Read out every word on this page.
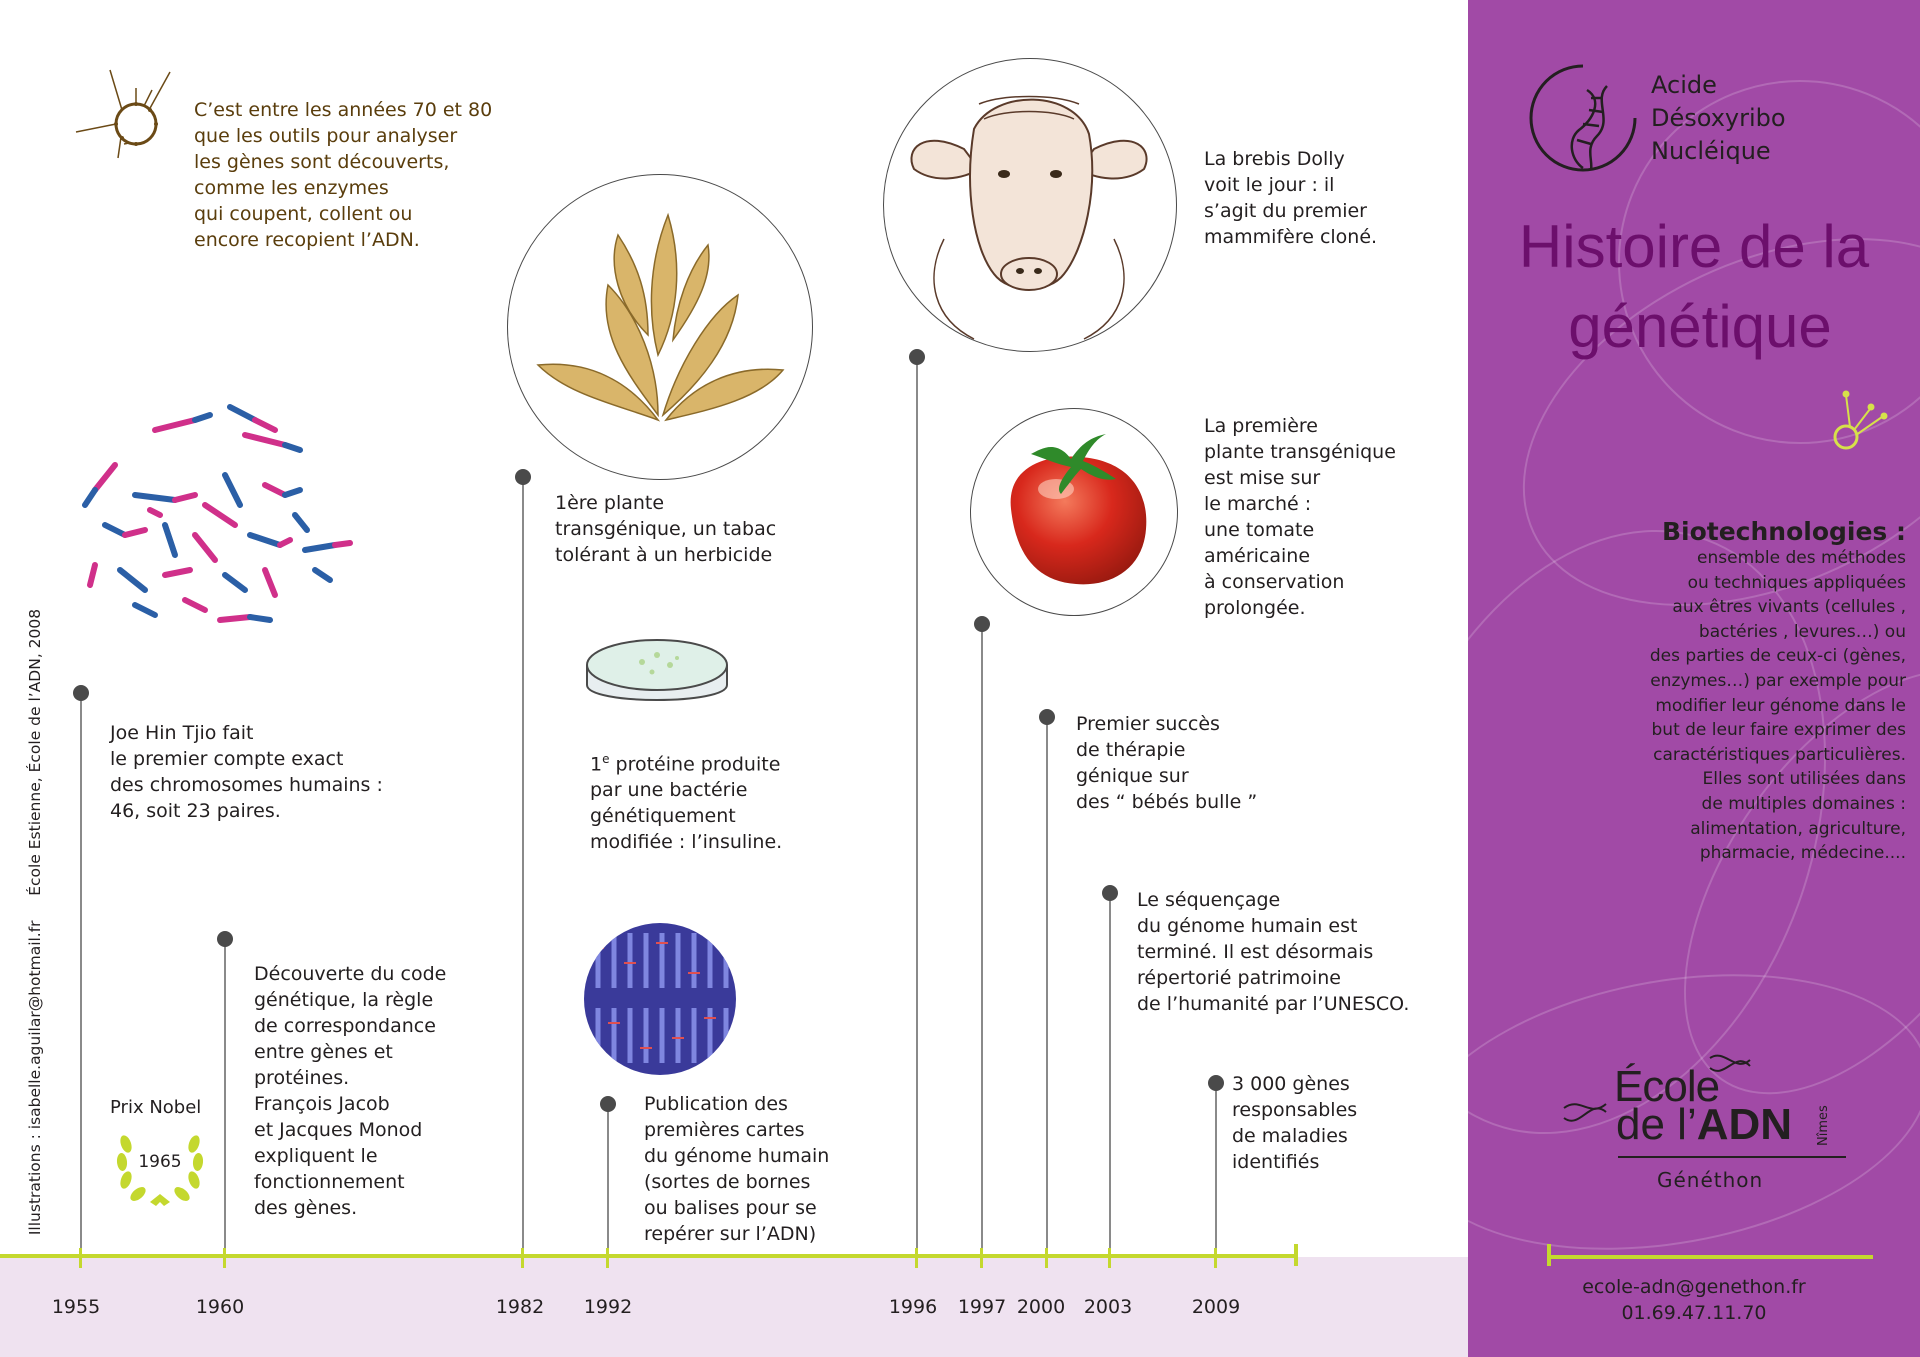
Illustrations : isabelle.aguilar@hotmail.fr     École Estienne, École de l’ADN, 2008

C’est entre les années 70 et 80
que les outils pour analyser
les gènes sont découverts,
comme les enzymes
qui coupent, collent ou
encore recopient l’ADN.
1955	1960	1982	1992	1996	1997 2000 2003	2009
Joe Hin Tjio fait
le premier compte exact
des chromosomes humains :
46, soit 23 paires.
Découverte du code
génétique, la règle
de correspondance
entre gènes et
protéines.
François Jacob
et Jacques Monod
expliquent le
fonctionnement
des gènes.
1ère plante
transgénique, un tabac
tolérant à un herbicide
1e protéine produite
par une bactérie
génétiquement
modifiée : l’insuline.
Publication des
premières cartes
du génome humain
(sortes de bornes
ou balises pour se
repérer sur l’ADN)
La brebis Dolly
voit le jour : il
s’agit du premier
mammifère cloné.
La première
plante transgénique
est mise sur
le marché :
une tomate
américaine
à conservation
prolongée.
Premier succès
de thérapie
génique sur
des “ bébés bulle ”
Le séquençage
du génome humain est
terminé. Il est désormais
répertorié patrimoine
de l’humanité par l’UNESCO.
3 000 gènes
responsables
de maladies
identifiés
Prix Nobel
1965
Acide
Désoxyribo
Nucléique
Histoire de la
génétique
Biotechnologies :
ensemble des méthodes
ou techniques appliquées
aux êtres vivants (cellules ,
bactéries , levures…) ou
des parties de ceux-ci (gènes,
enzymes…) par exemple pour
modifier leur génome dans le
but de leur faire exprimer des
caractéristiques particulières.
Elles sont utilisées dans
de multiples domaines :
alimentation, agriculture,
pharmacie, médecine....
École
de l’ADN Nîmes
Généthon
ecole-adn@genethon.fr
01.69.47.11.70
